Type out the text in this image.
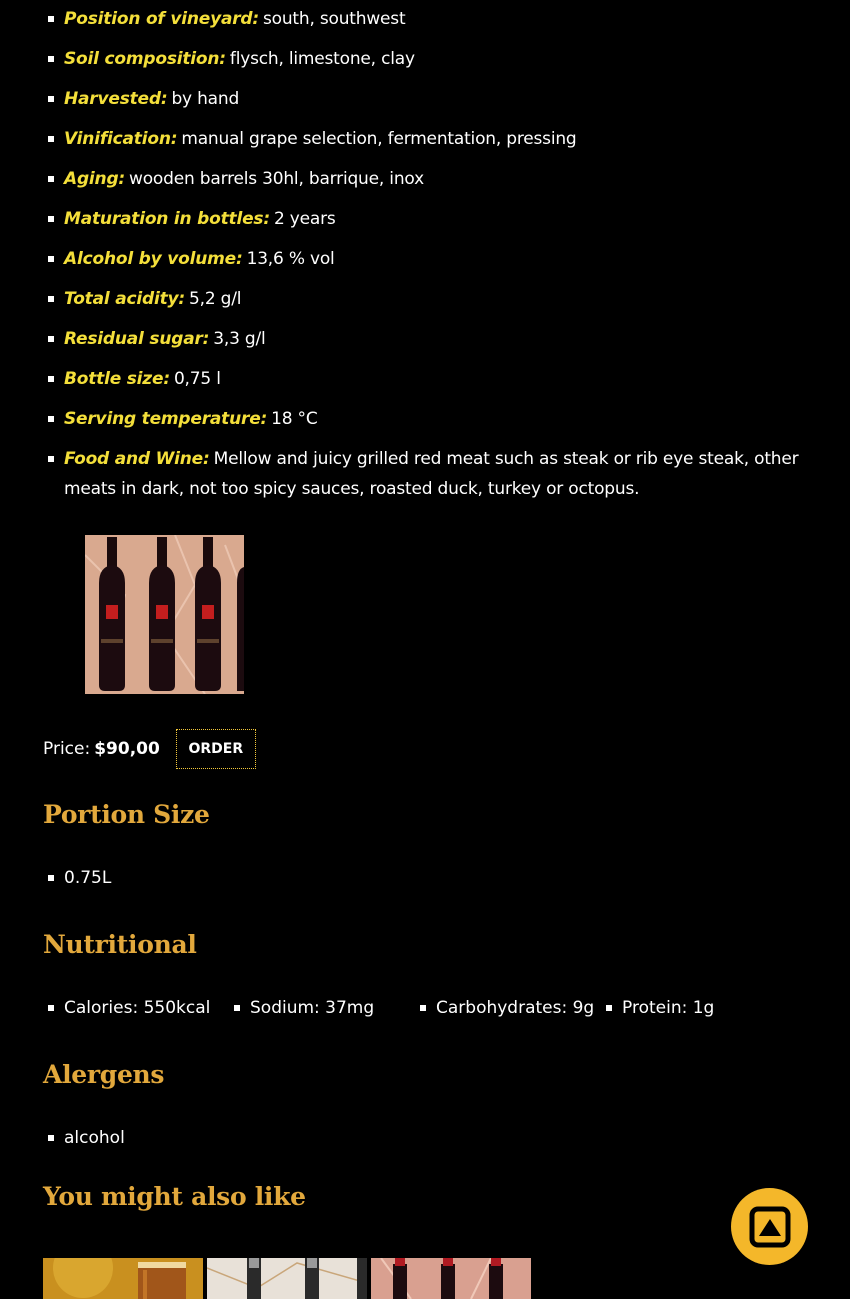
Position of vineyard: south, southwest
Soil composition: flysch, limestone, clay
Harvested: by hand
Vinification: manual grape selection, fermentation, pressing
Aging: wooden barrels 30hl, barrique, inox
Maturation in bottles: 2 years
Alcohol by volume: 13,6 % vol
Total acidity: 5,2 g/l
Residual sugar: 3,3 g/l
Bottle size: 0,75 l
Serving temperature: 18 °C
Food and Wine: Mellow and juicy grilled red meat such as steak or rib eye steak, other meats in dark, not too spicy sauces, roasted duck, turkey or octopus.
Price: $90,00	ORDER
Portion Size
0.75L
Nutritional
Calories: 550kcal	Sodium: 37mg	Carbohydrates: 9g	Protein: 1g
Alergens
alcohol
You might also like
